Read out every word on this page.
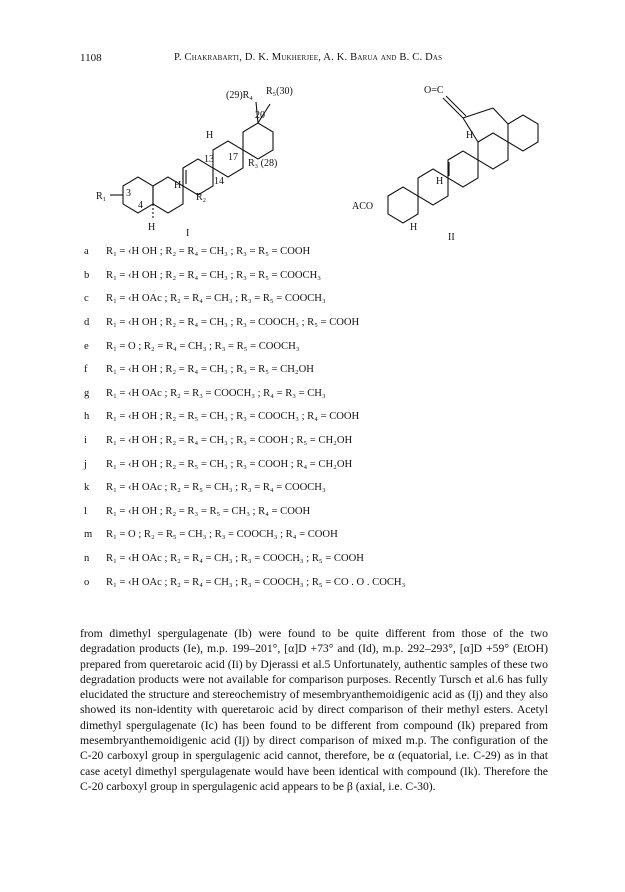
1108	P. Chakrabarti, D. K. Mukherjee, A. K. Barua and B. C. Das
(29)R₄ R₅(30)
20
17
13
14
R₃ (28)
H
H
H
R₂
R₁ 3
4
I
O=C
ACO
H
H
H
II
a	R₁ = ‹H OH ; R₂ = R₄ = CH₃ ; R₃ = R₅ = COOH
b	R₁ = ‹H OH ; R₂ = R₄ = CH₃ ; R₃ = R₅ = COOCH₃
c	R₁ = ‹H OAc ; R₂ = R₄ = CH₃ ; R₃ = R₅ = COOCH₃
d	R₁ = ‹H OH ; R₂ = R₄ = CH₃ ; R₃ = COOCH₃ ; R₅ = COOH
e	R₁ = O ; R₂ = R₄ = CH₃ ; R₃ = R₅ = COOCH₃
f	R₁ = ‹H OH ; R₂ = R₄ = CH₃ ; R₃ = R₅ = CH₂OH
g	R₁ = ‹H OAc ; R₂ = R₃ = COOCH₃ ; R₄ = R₃ = CH₃
h	R₁ = ‹H OH ; R₂ = R₅ = CH₃ ; R₃ = COOCH₃ ; R₄ = COOH
i	R₁ = ‹H OH ; R₂ = R₄ = CH₃ ; R₃ = COOH ; R₅ = CH₂OH
j	R₁ = ‹H OH ; R₂ = R₅ = CH₃ ; R₃ = COOH ; R₄ = CH₂OH
k	R₁ = ‹H OAc ; R₂ = R₅ = CH₃ ; R₃ = R₄ = COOCH₃
l	R₁ = ‹H OH ; R₂ = R₃ = R₅ = CH₃ ; R₄ = COOH
m	R₁ = O ; R₂ = R₅ = CH₃ ; R₃ = COOCH₃ ; R₄ = COOH
n	R₁ = ‹H OAc ; R₂ = R₄ = CH₃ ; R₃ = COOCH₃ ; R₅ = COOH
o	R₁ = ‹H OAc ; R₂ = R₄ = CH₃ ; R₃ = COOCH₃ ; R₅ = CO . O . COCH₃

from dimethyl spergulagenate (Ib) were found to be quite different from those of the two degradation products (Ie), m.p. 199–201°, [α]D +73° and (Id), m.p. 292–293°, [α]D +59° (EtOH) prepared from queretaroic acid (Ii) by Djerassi et al.5 Unfortunately, authentic samples of these two degradation products were not available for comparison purposes. Recently Tursch et al.6 has fully elucidated the structure and stereochemistry of mesembryanthemoidigenic acid as (Ij) and they also showed its non-identity with queretaroic acid by direct comparison of their methyl esters. Acetyl dimethyl spergulagenate (Ic) has been found to be different from compound (Ik) prepared from mesembryanthemoidigenic acid (Ij) by direct comparison of mixed m.p. The configuration of the C-20 carboxyl group in spergulagenic acid cannot, therefore, be α (equatorial, i.e. C-29) as in that case acetyl dimethyl spergulagenate would have been identical with compound (Ik). Therefore the C-20 carboxyl group in spergulagenic acid appears to be β (axial, i.e. C-30).
